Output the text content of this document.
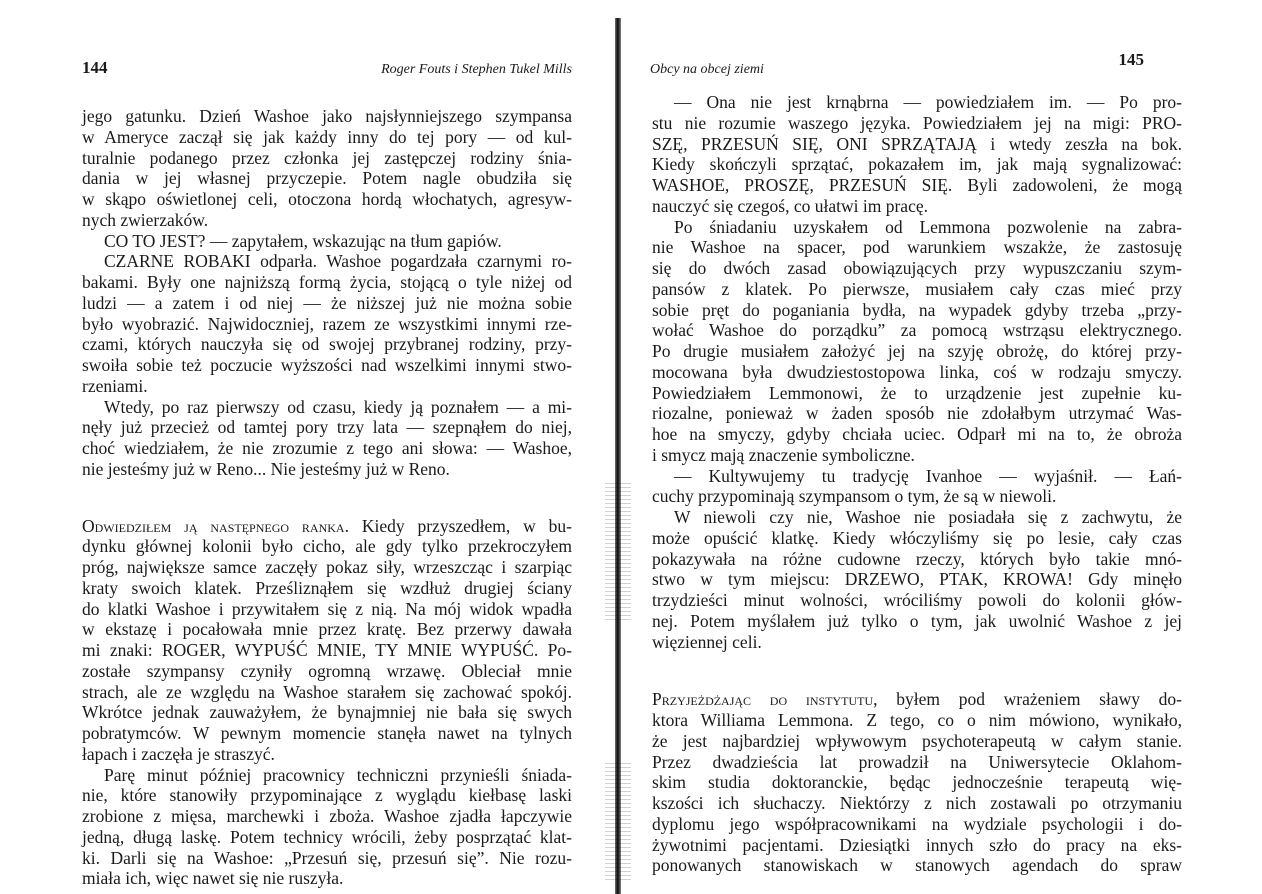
144	Roger Fouts i Stephen Tukel Mills
jego gatunku. Dzień Washoe jako najsłynniejszego szympansa
w Ameryce zaczął się jak każdy inny do tej pory — od kul-
turalnie podanego przez członka jej zastępczej rodziny śnia-
dania w jej własnej przyczepie. Potem nagle obudziła się
w skąpo oświetlonej celi, otoczona hordą włochatych, agresyw-
nych zwierzaków.
CO TO JEST? — zapytałem, wskazując na tłum gapiów.
CZARNE ROBAKI odparła. Washoe pogardzała czarnymi ro-
bakami. Były one najniższą formą życia, stojącą o tyle niżej od
ludzi — a zatem i od niej — że niższej już nie można sobie
było wyobrazić. Najwidoczniej, razem ze wszystkimi innymi rze-
czami, których nauczyła się od swojej przybranej rodziny, przy-
swoiła sobie też poczucie wyższości nad wszelkimi innymi stwo-
rzeniami.
Wtedy, po raz pierwszy od czasu, kiedy ją poznałem — a mi-
nęły już przecież od tamtej pory trzy lata — szepnąłem do niej,
choć wiedziałem, że nie zrozumie z tego ani słowa: — Washoe,
nie jesteśmy już w Reno... Nie jesteśmy już w Reno.
Odwiedziłem ją następnego ranka. Kiedy przyszedłem, w bu-
dynku głównej kolonii było cicho, ale gdy tylko przekroczyłem
próg, największe samce zaczęły pokaz siły, wrzeszcząc i szarpiąc
kraty swoich klatek. Prześliznąłem się wzdłuż drugiej ściany
do klatki Washoe i przywitałem się z nią. Na mój widok wpadła
w ekstazę i pocałowała mnie przez kratę. Bez przerwy dawała
mi znaki: ROGER, WYPUŚĆ MNIE, TY MNIE WYPUŚĆ. Po-
zostałe szympansy czyniły ogromną wrzawę. Obleciał mnie
strach, ale ze względu na Washoe starałem się zachować spokój.
Wkrótce jednak zauważyłem, że bynajmniej nie bała się swych
pobratymców. W pewnym momencie stanęła nawet na tylnych
łapach i zaczęła je straszyć.
Parę minut później pracownicy techniczni przynieśli śniada-
nie, które stanowiły przypominające z wyglądu kiełbasę laski
zrobione z mięsa, marchewki i zboża. Washoe zjadła łapczywie
jedną, długą laskę. Potem technicy wrócili, żeby posprzątać klat-
ki. Darli się na Washoe: „Przesuń się, przesuń się”. Nie rozu-
miała ich, więc nawet się nie ruszyła.
Obcy na obcej ziemi
145
— Ona nie jest krnąbrna — powiedziałem im. — Po pro-
stu nie rozumie waszego języka. Powiedziałem jej na migi: PRO-
SZĘ, PRZESUŃ SIĘ, ONI SPRZĄTAJĄ i wtedy zeszła na bok.
Kiedy skończyli sprzątać, pokazałem im, jak mają sygnalizować:
WASHOE, PROSZĘ, PRZESUŃ SIĘ. Byli zadowoleni, że mogą
nauczyć się czegoś, co ułatwi im pracę.
Po śniadaniu uzyskałem od Lemmona pozwolenie na zabra-
nie Washoe na spacer, pod warunkiem wszakże, że zastosuję
się do dwóch zasad obowiązujących przy wypuszczaniu szym-
pansów z klatek. Po pierwsze, musiałem cały czas mieć przy
sobie pręt do poganiania bydła, na wypadek gdyby trzeba „przy-
wołać Washoe do porządku” za pomocą wstrząsu elektrycznego.
Po drugie musiałem założyć jej na szyję obrożę, do której przy-
mocowana była dwudziestostopowa linka, coś w rodzaju smyczy.
Powiedziałem Lemmonowi, że to urządzenie jest zupełnie ku-
riozalne, ponieważ w żaden sposób nie zdołałbym utrzymać Was-
hoe na smyczy, gdyby chciała uciec. Odparł mi na to, że obroża
i smycz mają znaczenie symboliczne.
— Kultywujemy tu tradycję Ivanhoe — wyjaśnił. — Łań-
cuchy przypominają szympansom o tym, że są w niewoli.
W niewoli czy nie, Washoe nie posiadała się z zachwytu, że
może opuścić klatkę. Kiedy włóczyliśmy się po lesie, cały czas
pokazywała na różne cudowne rzeczy, których było takie mnó-
stwo w tym miejscu: DRZEWO, PTAK, KROWA! Gdy minęło
trzydzieści minut wolności, wróciliśmy powoli do kolonii głów-
nej. Potem myślałem już tylko o tym, jak uwolnić Washoe z jej
więziennej celi.
Przyjeżdżając do instytutu, byłem pod wrażeniem sławy do-
ktora Williama Lemmona. Z tego, co o nim mówiono, wynikało,
że jest najbardziej wpływowym psychoterapeutą w całym stanie.
Przez dwadzieścia lat prowadził na Uniwersytecie Oklahom-
skim studia doktoranckie, będąc jednocześnie terapeutą wię-
kszości ich słuchaczy. Niektórzy z nich zostawali po otrzymaniu
dyplomu jego współpracownikami na wydziale psychologii i do-
żywotnimi pacjentami. Dziesiątki innych szło do pracy na eks-
ponowanych stanowiskach w stanowych agendach do spraw
